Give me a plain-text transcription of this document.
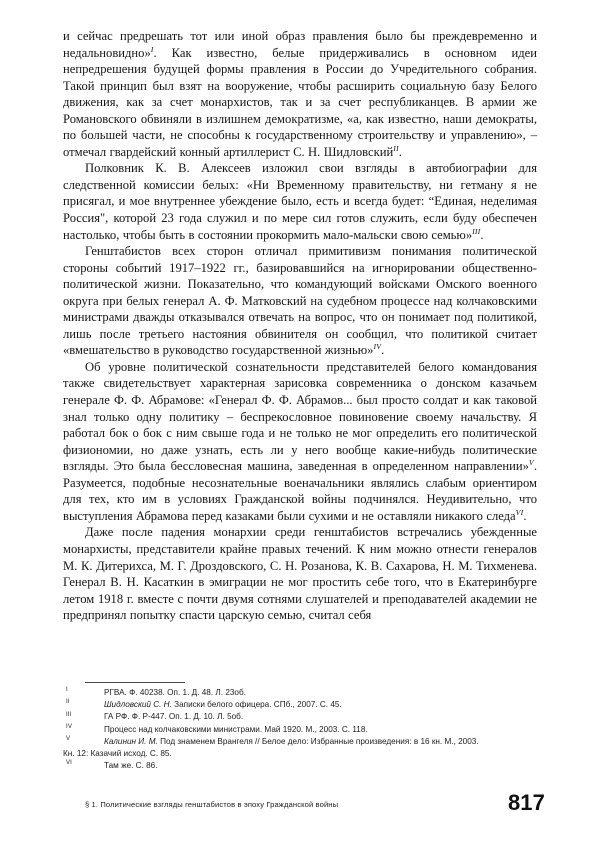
и сейчас предрешать тот или иной образ правления было бы преждевременно и недальновидно»$^I$. Как известно, белые придерживались в основном идеи непредрешения будущей формы правления в России до Учредительного собрания. Такой принцип был взят на вооружение, чтобы расширить социальную базу Белого движения, как за счет монархистов, так и за счет республиканцев. В армии же Романовского обвиняли в излишнем демократизме, «а, как известно, наши демократы, по большей части, не способны к государственному строительству и управлению», – отмечал гвардейский конный артиллерист С. Н. Шидловский$^{II}$.

Полковник К. В. Алексеев изложил свои взгляды в автобиографии для следственной комиссии белых: «Ни Временному правительству, ни гетману я не присягал, и мое внутреннее убеждение было, есть и всегда будет: “Единая, неделимая Россия", которой 23 года служил и по мере сил готов служить, если буду обеспечен настолько, чтобы быть в состоянии прокормить мало-мальски свою семью»$^{III}$.

Генштабистов всех сторон отличал примитивизм понимания политической стороны событий 1917–1922 гг., базировавшийся на игнорировании общественно-политической жизни. Показательно, что командующий войсками Омского военного округа при белых генерал А. Ф. Матковский на судебном процессе над колчаковскими министрами дважды отказывался отвечать на вопрос, что он понимает под политикой, лишь после третьего настояния обвинителя он сообщил, что политикой считает «вмешательство в руководство государственной жизнью»$^{IV}$.

Об уровне политической сознательности представителей белого командования также свидетельствует характерная зарисовка современника о донском казачьем генерале Ф. Ф. Абрамове: «Генерал Ф. Ф. Абрамов... был просто солдат и как таковой знал только одну политику – беспрекословное повиновение своему начальству. Я работал бок о бок с ним свыше года и не только не мог определить его политической физиономии, но даже узнать, есть ли у него вообще какие-нибудь политические взгляды. Это была бессловесная машина, заведенная в определенном направлении»$^V$. Разумеется, подобные несознательные военачальники являлись слабым ориентиром для тех, кто им в условиях Гражданской войны подчинялся. Неудивительно, что выступления Абрамова перед казаками были сухими и не оставляли никакого следа$^{VI}$.

Даже после падения монархии среди генштабистов встречались убежденные монархисты, представители крайне правых течений. К ним можно отнести генералов М. К. Дитерихса, М. Г. Дроздовского, С. Н. Розанова, К. В. Сахарова, Н. М. Тихменева. Генерал В. Н. Касаткин в эмиграции не мог простить себе того, что в Екатеринбурге летом 1918 г. вместе с почти двумя сотнями слушателей и преподавателей академии не предпринял попытку спасти царскую семью, считал себя

I	РГВА. Ф. 40238. Оп. 1. Д. 48. Л. 23об.
II	Шидловский С. Н. Записки белого офицера. СПб., 2007. С. 45.
III	ГА РФ. Ф. Р-447. Оп. 1. Д. 10. Л. 5об.
IV	Процесс над колчаковскими министрами. Май 1920. М., 2003. С. 118.
V	Калинин И. М. Под знаменем Врангеля // Белое дело: Избранные произведения: в 16 кн. М., 2003.
Кн. 12: Казачий исход. С. 85.
VI	Там же. С. 86.
§ 1. Политические взгляды генштабистов в эпоху Гражданской войны	817
